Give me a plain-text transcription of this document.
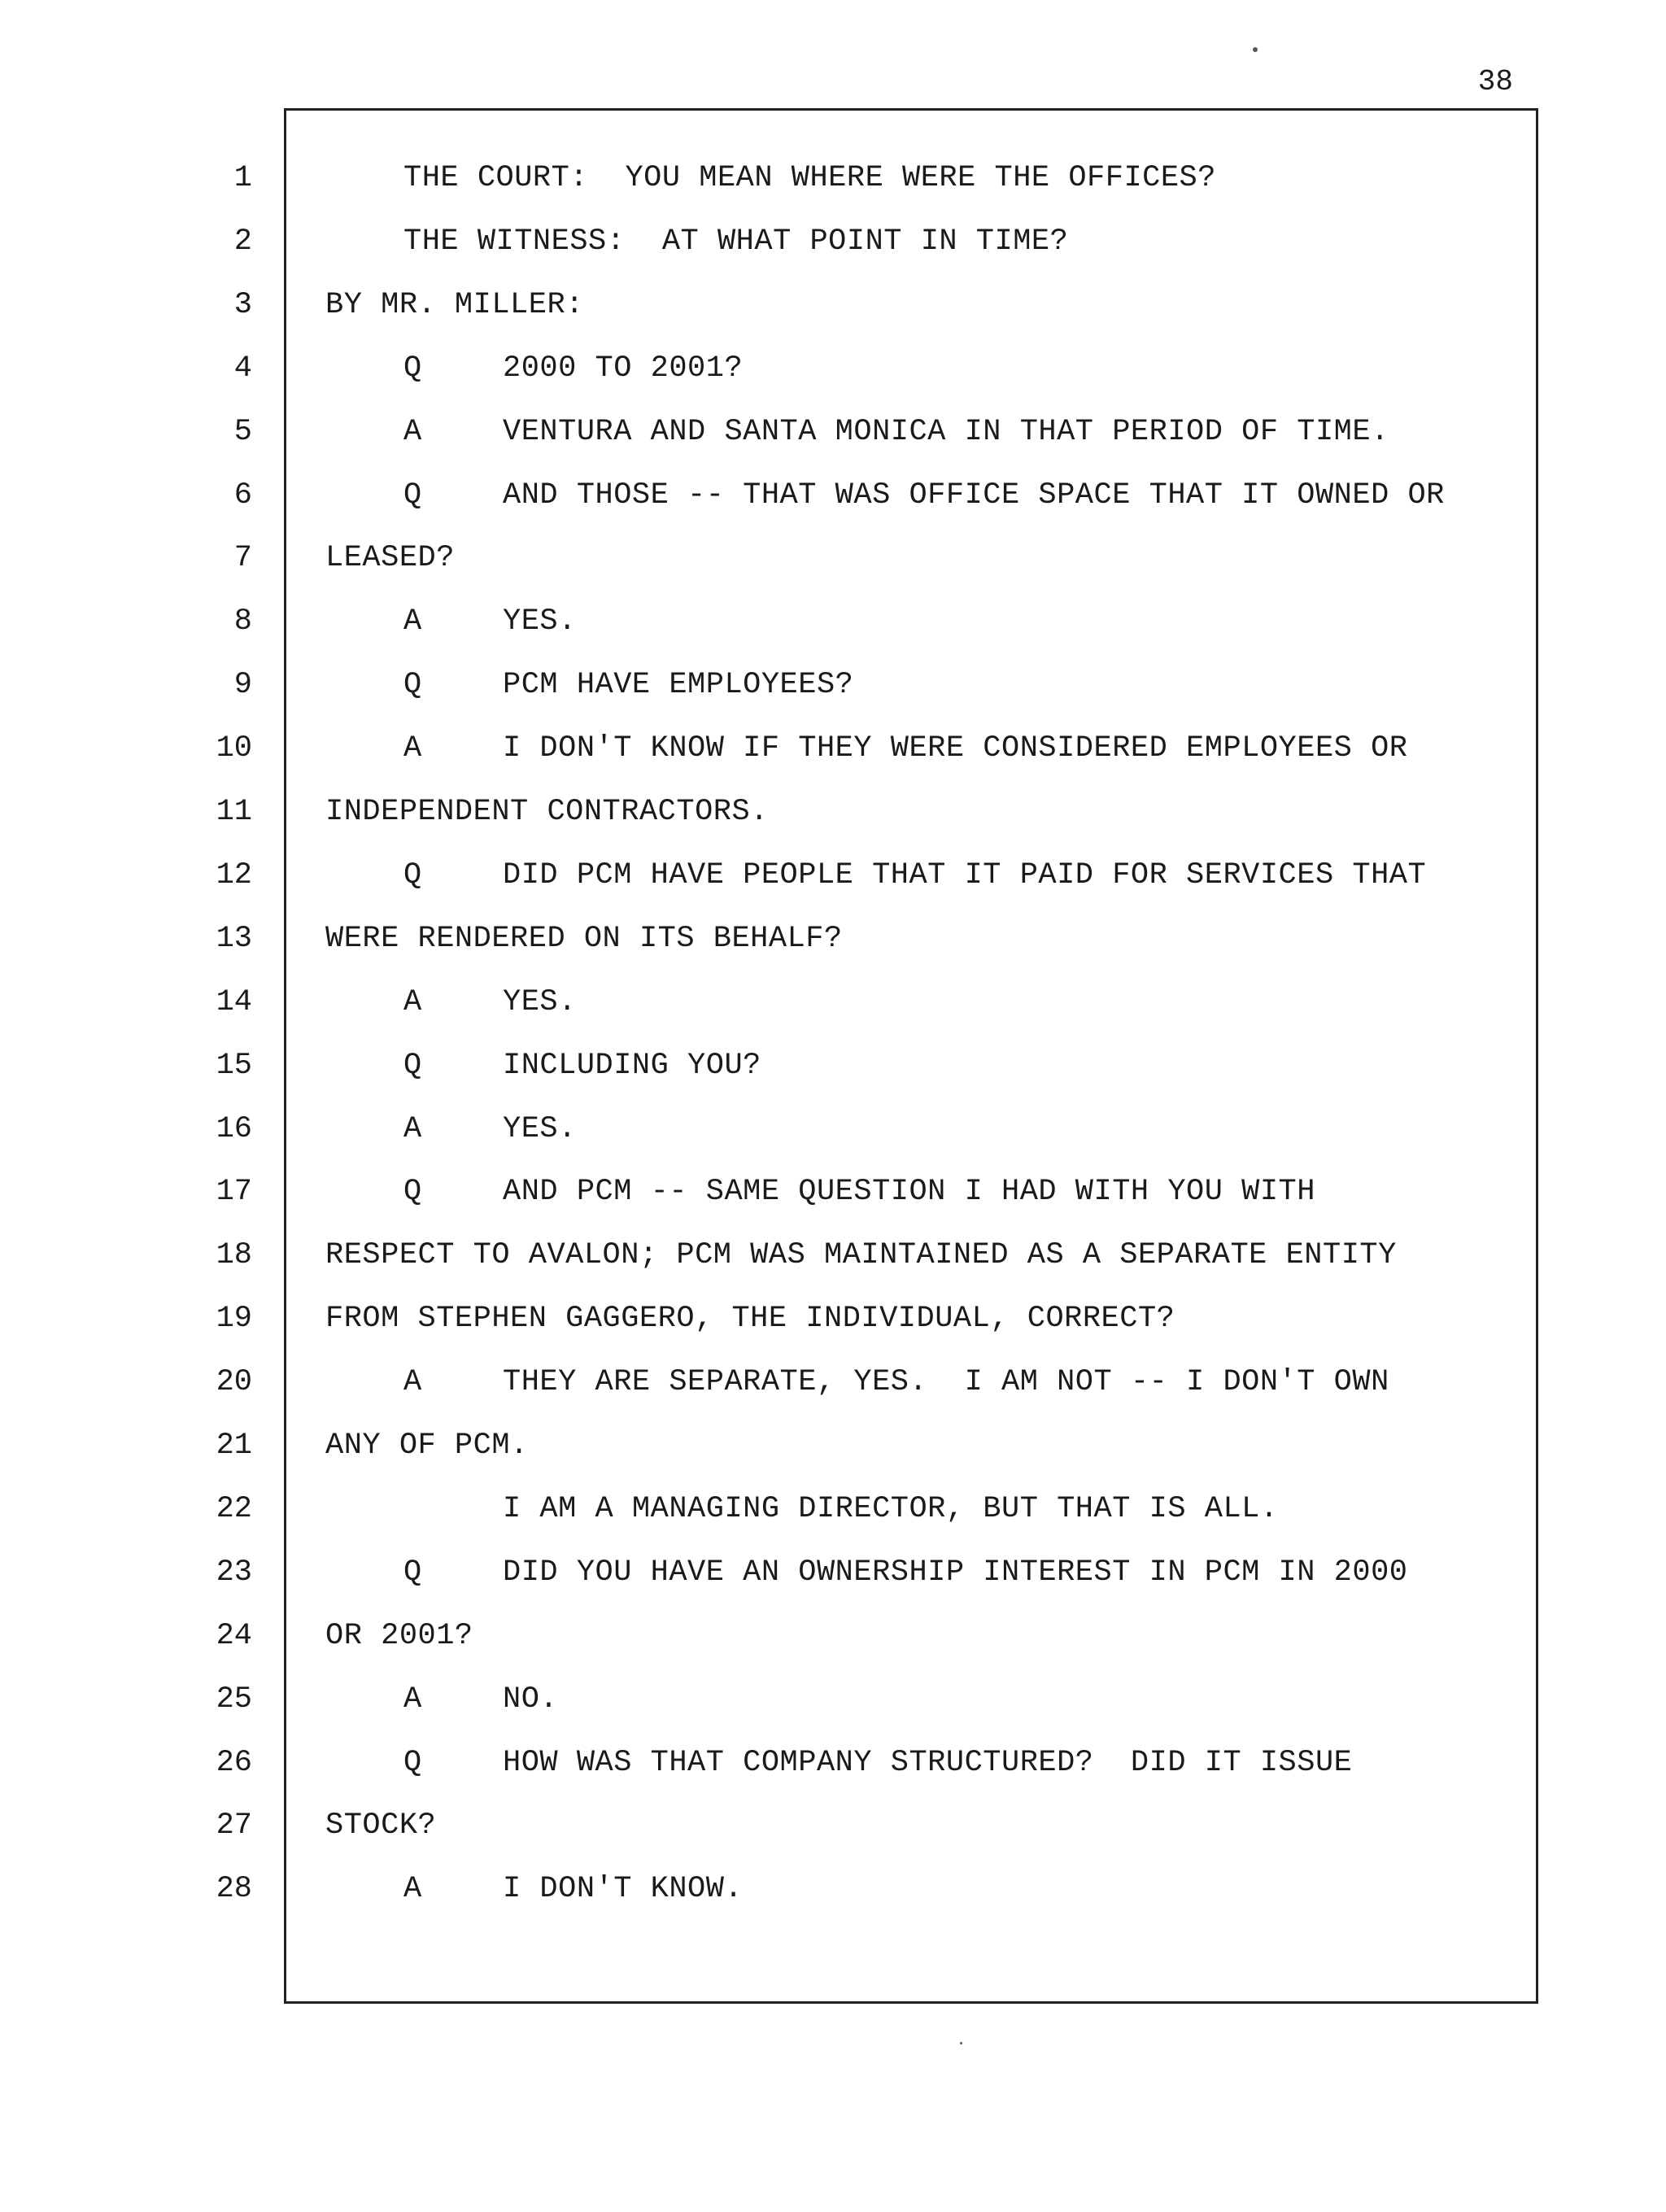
38
1	THE COURT:  YOU MEAN WHERE WERE THE OFFICES?
2	THE WITNESS:  AT WHAT POINT IN TIME?
3 BY MR. MILLER:
4	Q	2000 TO 2001?
5	A	VENTURA AND SANTA MONICA IN THAT PERIOD OF TIME.
6	Q	AND THOSE -- THAT WAS OFFICE SPACE THAT IT OWNED OR
7 LEASED?
8	A	YES.
9	Q	PCM HAVE EMPLOYEES?
10	A	I DON'T KNOW IF THEY WERE CONSIDERED EMPLOYEES OR
11 INDEPENDENT CONTRACTORS.
12	Q	DID PCM HAVE PEOPLE THAT IT PAID FOR SERVICES THAT
13 WERE RENDERED ON ITS BEHALF?
14	A	YES.
15	Q	INCLUDING YOU?
16	A	YES.
17	Q	AND PCM -- SAME QUESTION I HAD WITH YOU WITH
18 RESPECT TO AVALON; PCM WAS MAINTAINED AS A SEPARATE ENTITY
19 FROM STEPHEN GAGGERO, THE INDIVIDUAL, CORRECT?
20	A	THEY ARE SEPARATE, YES.  I AM NOT -- I DON'T OWN
21 ANY OF PCM.
22	I AM A MANAGING DIRECTOR, BUT THAT IS ALL.
23	Q	DID YOU HAVE AN OWNERSHIP INTEREST IN PCM IN 2000
24 OR 2001?
25	A	NO.
26	Q	HOW WAS THAT COMPANY STRUCTURED?  DID IT ISSUE
27 STOCK?
28	A	I DON'T KNOW.
